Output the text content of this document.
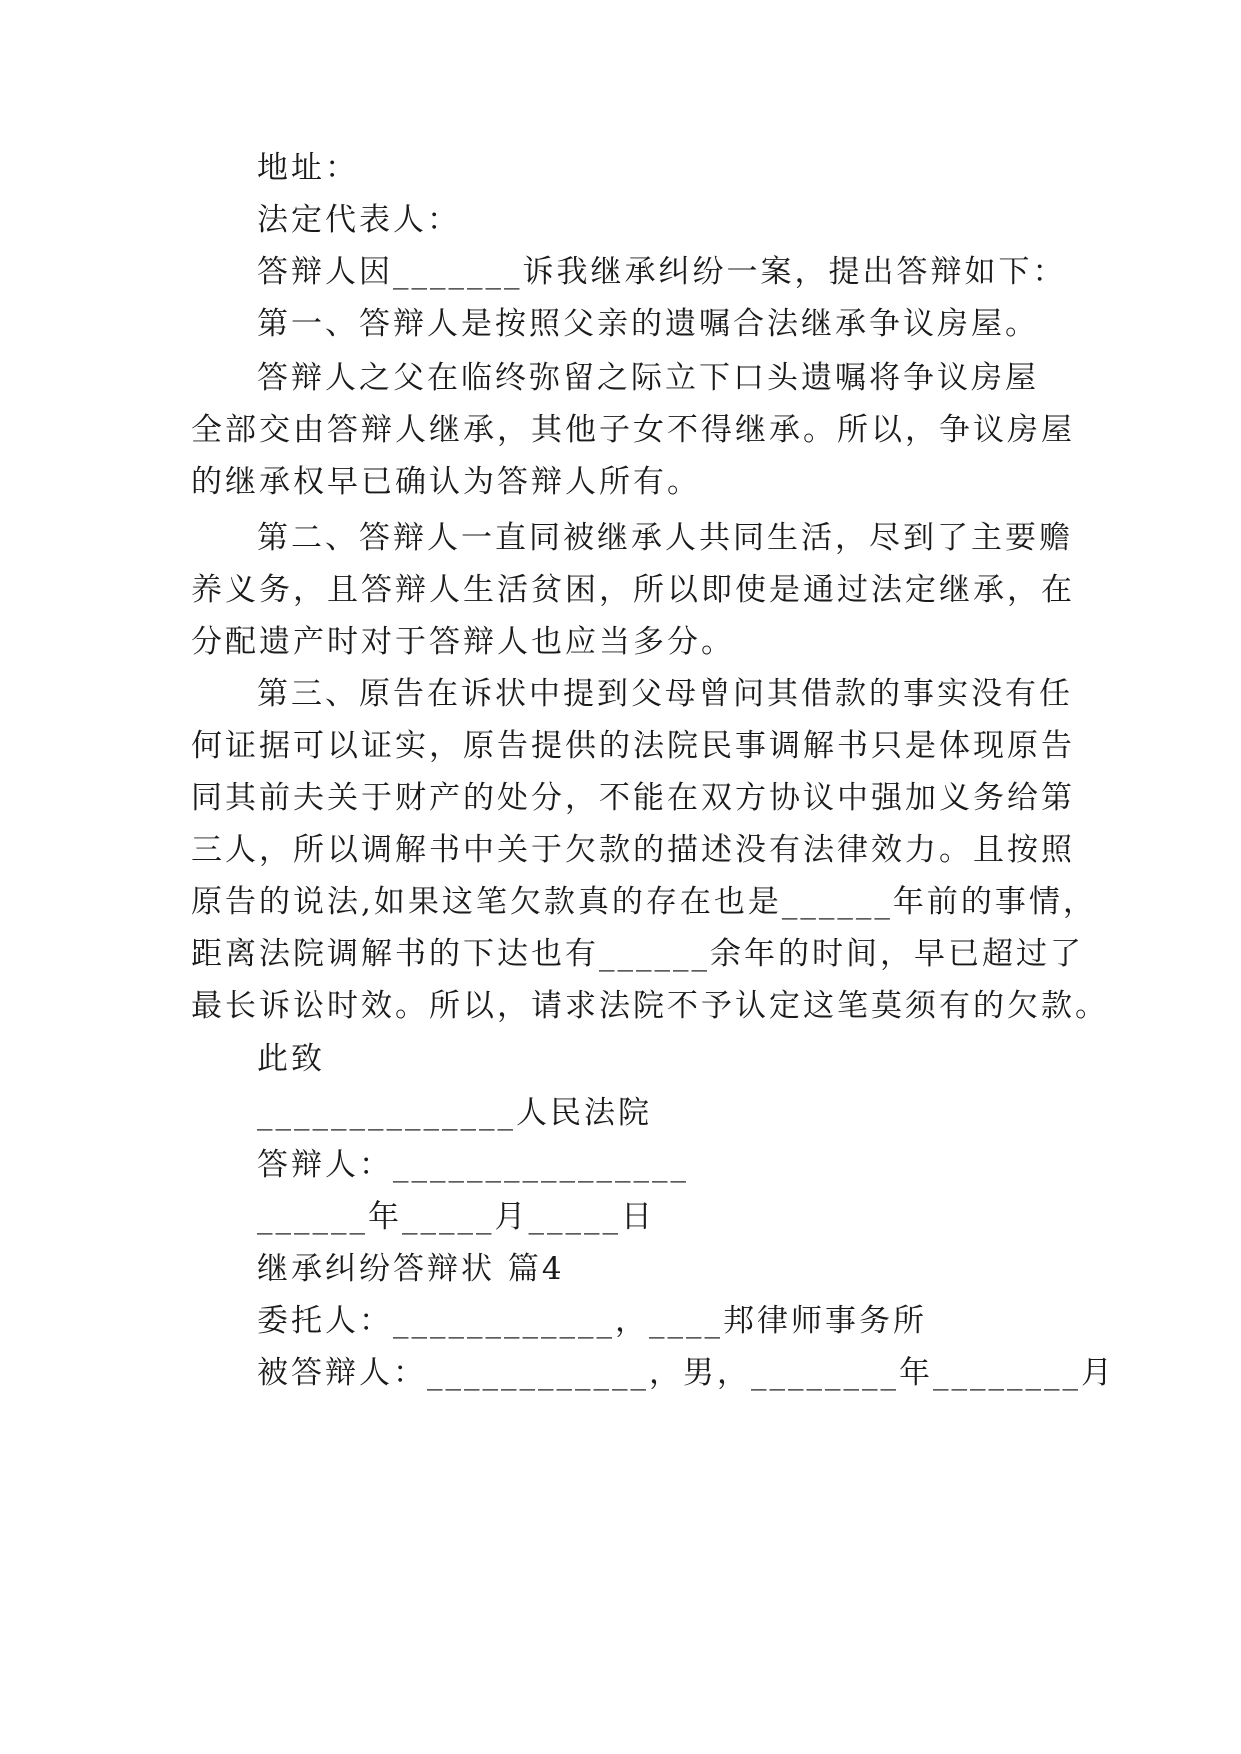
地址：

法定代表人：

答辩人因_______诉我继承纠纷一案，提出答辩如下：

第一、答辩人是按照父亲的遗嘱合法继承争议房屋。

答辩人之父在临终弥留之际立下口头遗嘱将争议房屋

全部交由答辩人继承，其他子女不得继承。所以，争议房屋

的继承权早已确认为答辩人所有。

第二、答辩人一直同被继承人共同生活，尽到了主要赡

养义务，且答辩人生活贫困，所以即使是通过法定继承，在

分配遗产时对于答辩人也应当多分。

第三、原告在诉状中提到父母曾问其借款的事实没有任

何证据可以证实，原告提供的法院民事调解书只是体现原告

同其前夫关于财产的处分，不能在双方协议中强加义务给第

三人，所以调解书中关于欠款的描述没有法律效力。且按照

原告的说法,如果这笔欠款真的存在也是______年前的事情，

距离法院调解书的下达也有______余年的时间，早已超过了

最长诉讼时效。所以，请求法院不予认定这笔莫须有的欠款。

此致

______________人民法院

答辩人：________________

______年_____月_____日

继承纠纷答辩状 篇4

委托人：____________，____邦律师事务所

被答辩人：____________，男，________年________月
